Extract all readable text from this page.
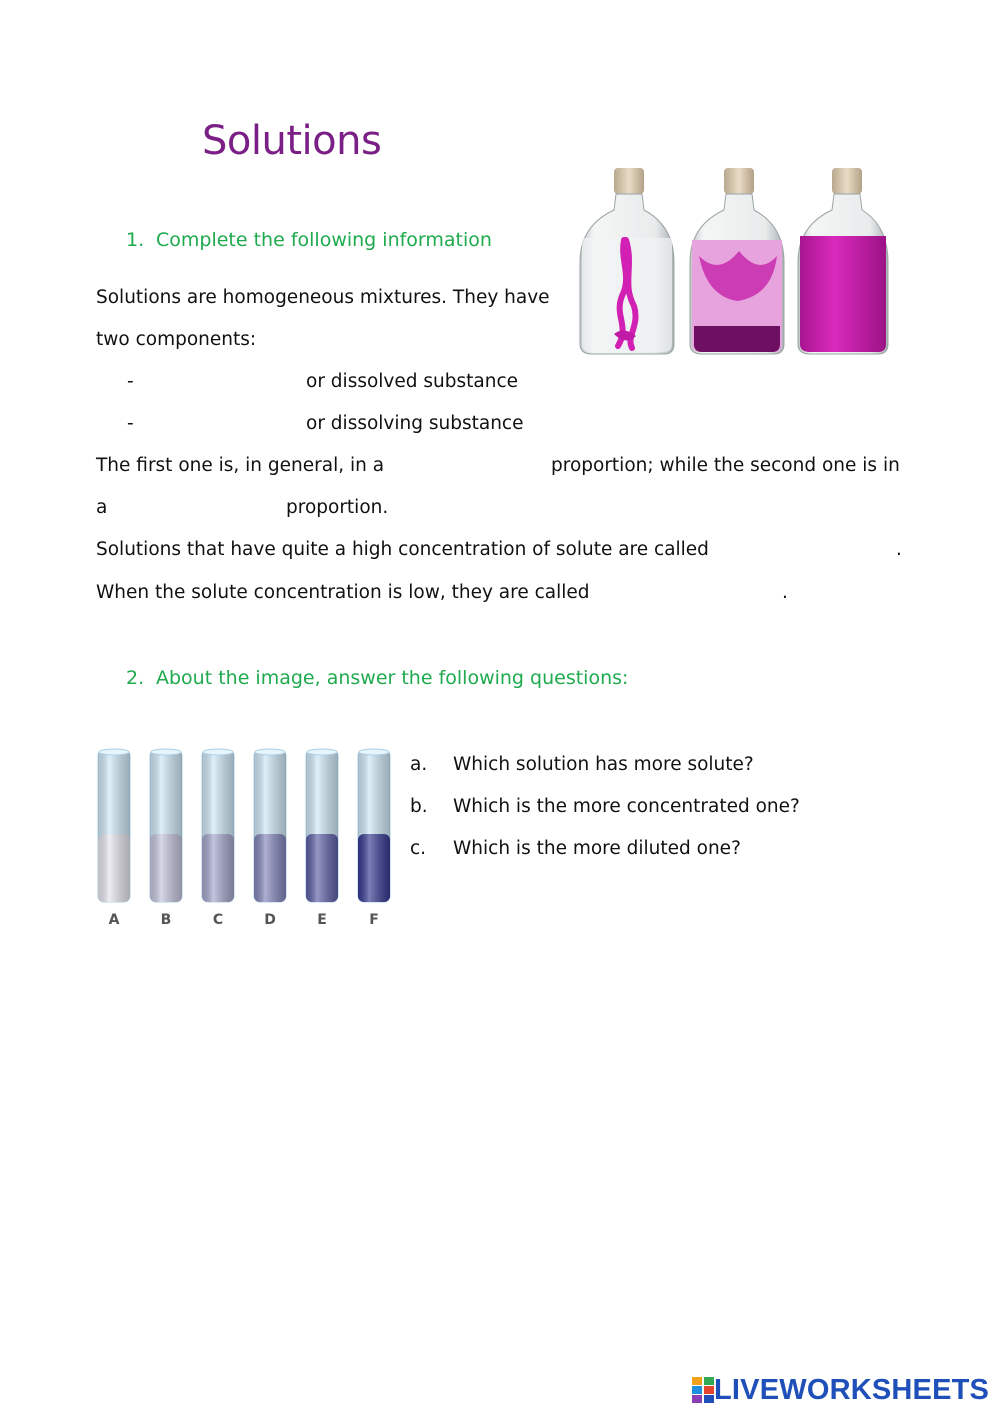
Solutions
1. Complete the following information
Solutions are homogeneous mixtures. They have
two components:
-	or dissolved substance
-	or dissolving substance
The first one is, in general, in a	proportion; while the second one is in
a	proportion.
Solutions that have quite a high concentration of solute are called	.
When the solute concentration is low, they are called	.
2. About the image, answer the following questions:
A	B	C	D	E	F
a. Which solution has more solute?
b. Which is the more concentrated one?
c. Which is the more diluted one?
LIVEWORKSHEETS
